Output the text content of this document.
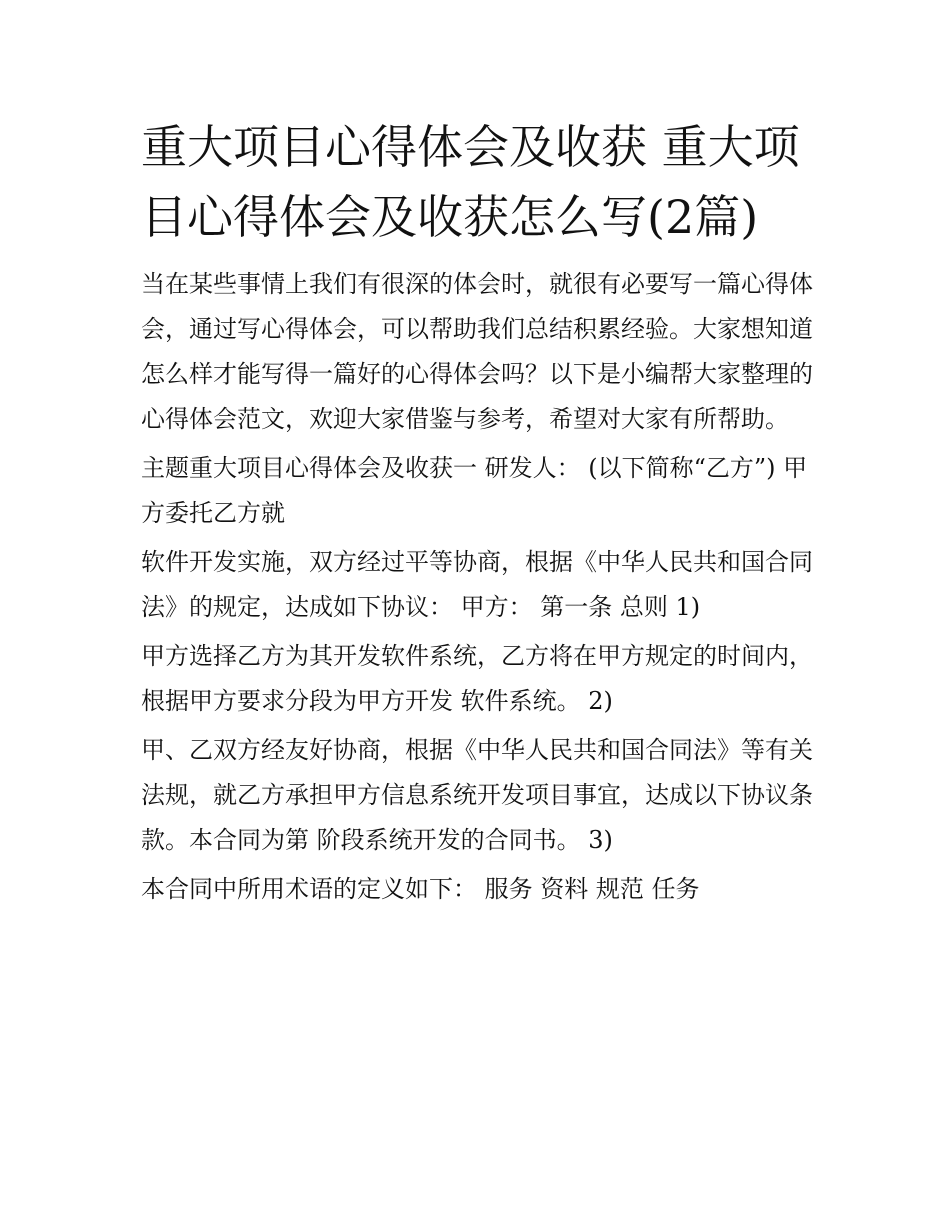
重大项目心得体会及收获 重大项目心得体会及收获怎么写(2篇)

当在某些事情上我们有很深的体会时，就很有必要写一篇心得体会，通过写心得体会，可以帮助我们总结积累经验。大家想知道怎么样才能写得一篇好的心得体会吗？以下是小编帮大家整理的心得体会范文，欢迎大家借鉴与参考，希望对大家有所帮助。

主题重大项目心得体会及收获一 研发人： (以下简称“乙方”) 甲方委托乙方就

软件开发实施，双方经过平等协商，根据《中华人民共和国合同法》的规定，达成如下协议： 甲方： 第一条 总则 1)

甲方选择乙方为其开发软件系统，乙方将在甲方规定的时间内，根据甲方要求分段为甲方开发 软件系统。 2)

甲、乙双方经友好协商，根据《中华人民共和国合同法》等有关法规，就乙方承担甲方信息系统开发项目事宜，达成以下协议条款。本合同为第 阶段系统开发的合同书。 3)

本合同中所用术语的定义如下： 服务 资料 规范 任务
